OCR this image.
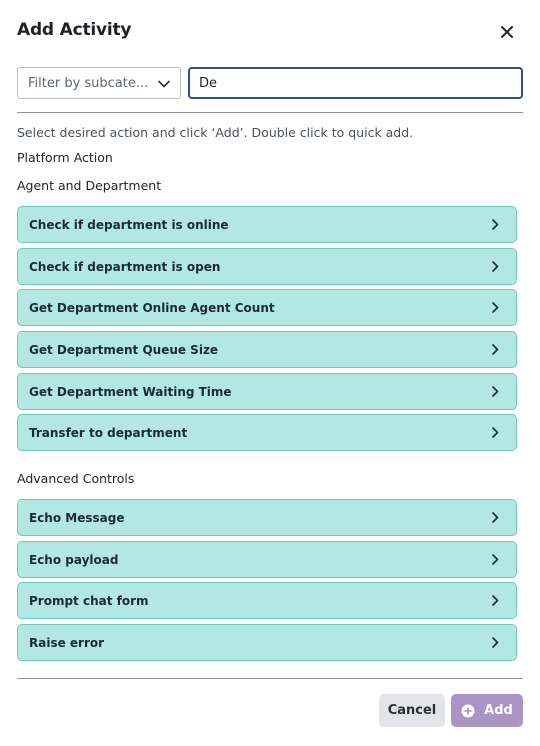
Add Activity
Filter by subcate...
De
Select desired action and click ‘Add’. Double click to quick add.
Platform Action
Agent and Department
Check if department is online
Check if department is open
Get Department Online Agent Count
Get Department Queue Size
Get Department Waiting Time
Transfer to department
Advanced Controls
Echo Message
Echo payload
Prompt chat form
Raise error
Cancel	Add
